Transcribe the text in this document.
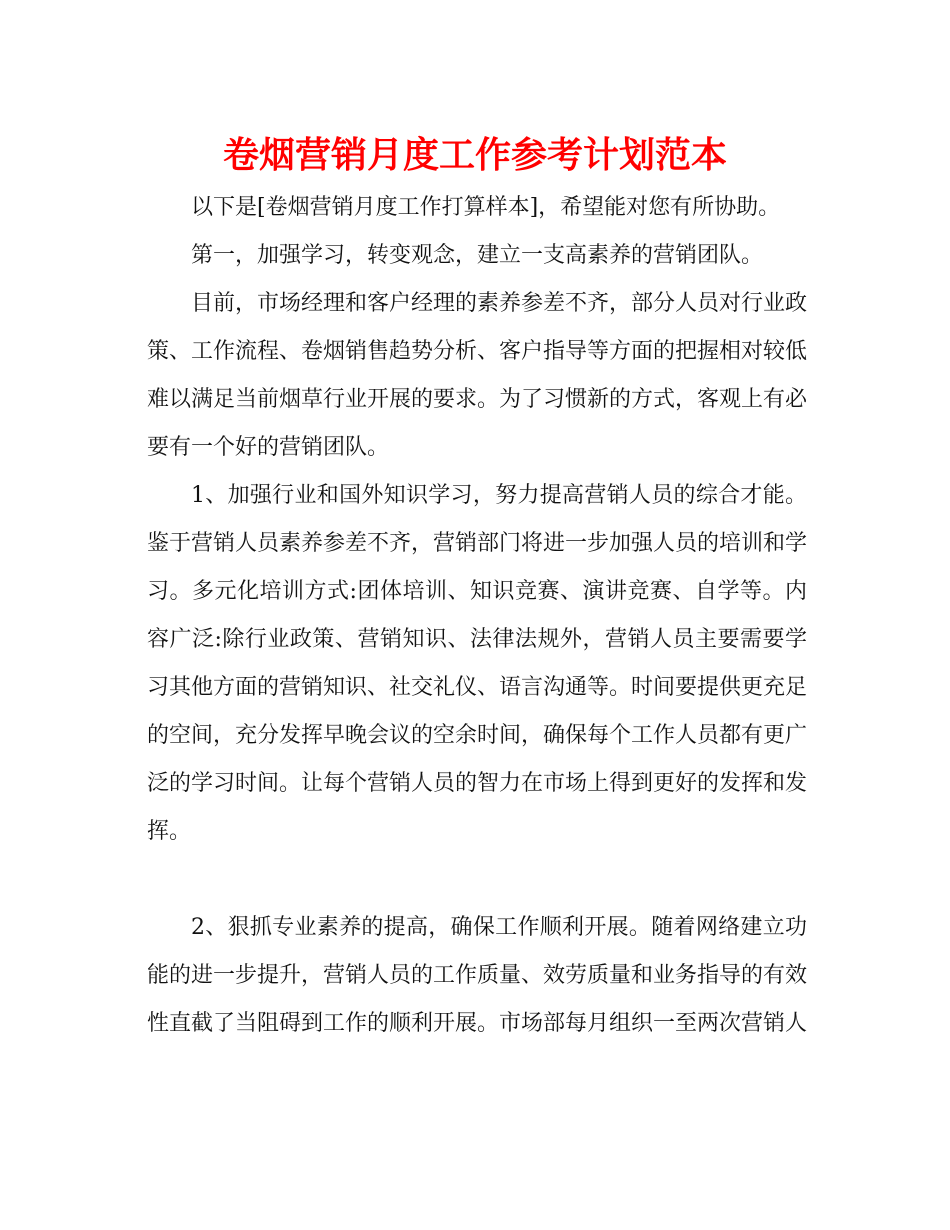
卷烟营销月度工作参考计划范本

以下是[卷烟营销月度工作打算样本]，希望能对您有所协助。

第一，加强学习，转变观念，建立一支高素养的营销团队。

目前，市场经理和客户经理的素养参差不齐，部分人员对行业政策、工作流程、卷烟销售趋势分析、客户指导等方面的把握相对较低难以满足当前烟草行业开展的要求。为了习惯新的方式，客观上有必要有一个好的营销团队。

1、加强行业和国外知识学习，努力提高营销人员的综合才能。鉴于营销人员素养参差不齐，营销部门将进一步加强人员的培训和学习。多元化培训方式:团体培训、知识竞赛、演讲竞赛、自学等。内容广泛:除行业政策、营销知识、法律法规外，营销人员主要需要学习其他方面的营销知识、社交礼仪、语言沟通等。时间要提供更充足的空间，充分发挥早晚会议的空余时间，确保每个工作人员都有更广泛的学习时间。让每个营销人员的智力在市场上得到更好的发挥和发挥。

2、狠抓专业素养的提高，确保工作顺利开展。随着网络建立功能的进一步提升，营销人员的工作质量、效劳质量和业务指导的有效性直截了当阻碍到工作的顺利开展。市场部每月组织一至两次营销人
